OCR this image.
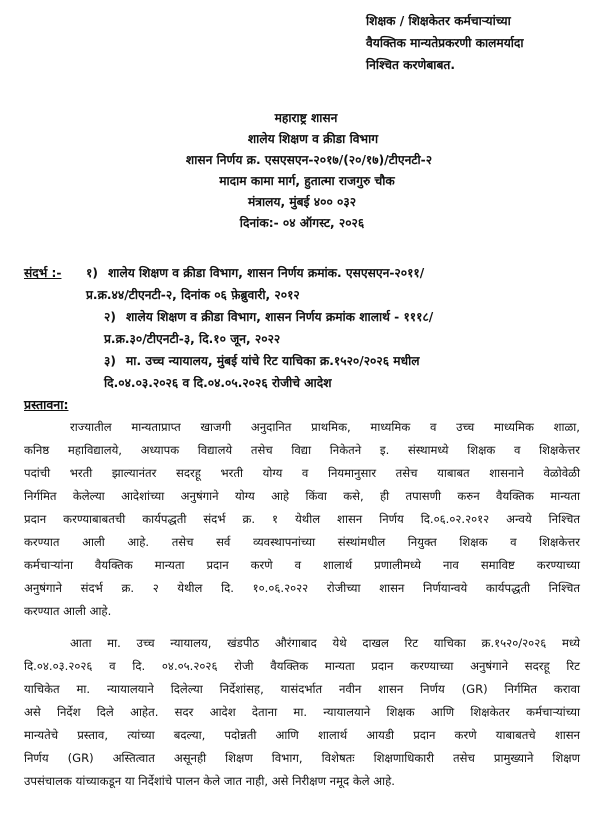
शिक्षक / शिक्षकेतर कर्मचाऱ्यांच्या
वैयक्तिक मान्यतेप्रकरणी कालमर्यादा
निश्चित करणेबाबत.
महाराष्ट्र शासन
शालेय शिक्षण व क्रीडा विभाग
शासन निर्णय क्र. एसएसएन-२०१७/(२०/१७)/टीएनटी-२
मादाम कामा मार्ग, हुतात्मा राजगुरु चौक
मंत्रालय, मुंबई ४०० ०३२
दिनांक:- ०४ ऑगस्ट, २०२६
संदर्भ :- १) शालेय शिक्षण व क्रीडा विभाग, शासन निर्णय क्रमांक. एसएसएन-२०११/
प्र.क्र.४४/टीएनटी-२, दिनांक ०६ फ़ेब्रुवारी, २०१२
२) शालेय शिक्षण व क्रीडा विभाग, शासन निर्णय क्रमांक शालार्थ - १११८/
प्र.क्र.३०/टीएनटी-३, दि.१० जून, २०२२
३) मा. उच्च न्यायालय, मुंबई यांचे रिट याचिका क्र.१५२०/२०२६ मधील
दि.०४.०३.२०२६ व दि.०४.०५.२०२६ रोजीचे आदेश
प्रस्तावना:
राज्यातील मान्यताप्राप्त खाजगी अनुदानित प्राथमिक, माध्यमिक व उच्च माध्यमिक शाळा,
कनिष्ठ महाविद्यालये, अध्यापक विद्यालये तसेच विद्या निकेतने इ. संस्थामध्ये शिक्षक व शिक्षकेत्तर
पदांची भरती झाल्यानंतर सदरहू भरती योग्य व नियमानुसार तसेच याबाबत शासनाने वेळोवेळी
निर्गमित केलेल्या आदेशांच्या अनुषंगाने योग्य आहे किंवा कसे, ही तपासणी करुन वैयक्तिक मान्यता
प्रदान करण्याबाबतची कार्यपद्धती संदर्भ क्र. १ येथील शासन निर्णय दि.०६.०२.२०१२ अन्वये निश्चित
करण्यात आली आहे. तसेच सर्व व्यवस्थापनांच्या संस्थांमधील नियुक्त शिक्षक व शिक्षकेत्तर
कर्मचाऱ्यांना वैयक्तिक मान्यता प्रदान करणे व शालार्थ प्रणालीमध्ये नाव समाविष्ट करण्याच्या
अनुषंगाने संदर्भ क्र. २ येथील दि. १०.०६.२०२२ रोजीच्या शासन निर्णयान्वये कार्यपद्धती निश्चित
करण्यात आली आहे.
आता मा. उच्च न्यायालय, खंडपीठ औरंगाबाद येथे दाखल रिट याचिका क्र.१५२०/२०२६ मध्ये
दि.०४.०३.२०२६ व दि. ०४.०५.२०२६ रोजी वैयक्तिक मान्यता प्रदान करण्याच्या अनुषंगाने सदरहू रिट
याचिकेत मा. न्यायालयाने दिलेल्या निर्देशांसह, यासंदर्भात नवीन शासन निर्णय (GR) निर्गमित करावा
असे निर्देश दिले आहेत. सदर आदेश देताना मा. न्यायालयाने शिक्षक आणि शिक्षकेतर कर्मचाऱ्यांच्या
मान्यतेचे प्रस्ताव, त्यांच्या बदल्या, पदोन्नती आणि शालार्थ आयडी प्रदान करणे याबाबतचे शासन
निर्णय (GR) अस्तित्वात असूनही शिक्षण विभाग, विशेषतः शिक्षणाधिकारी तसेच प्रामुख्याने शिक्षण
उपसंचालक यांच्याकडून या निर्देशांचे पालन केले जात नाही, असे निरीक्षण नमूद केले आहे.
